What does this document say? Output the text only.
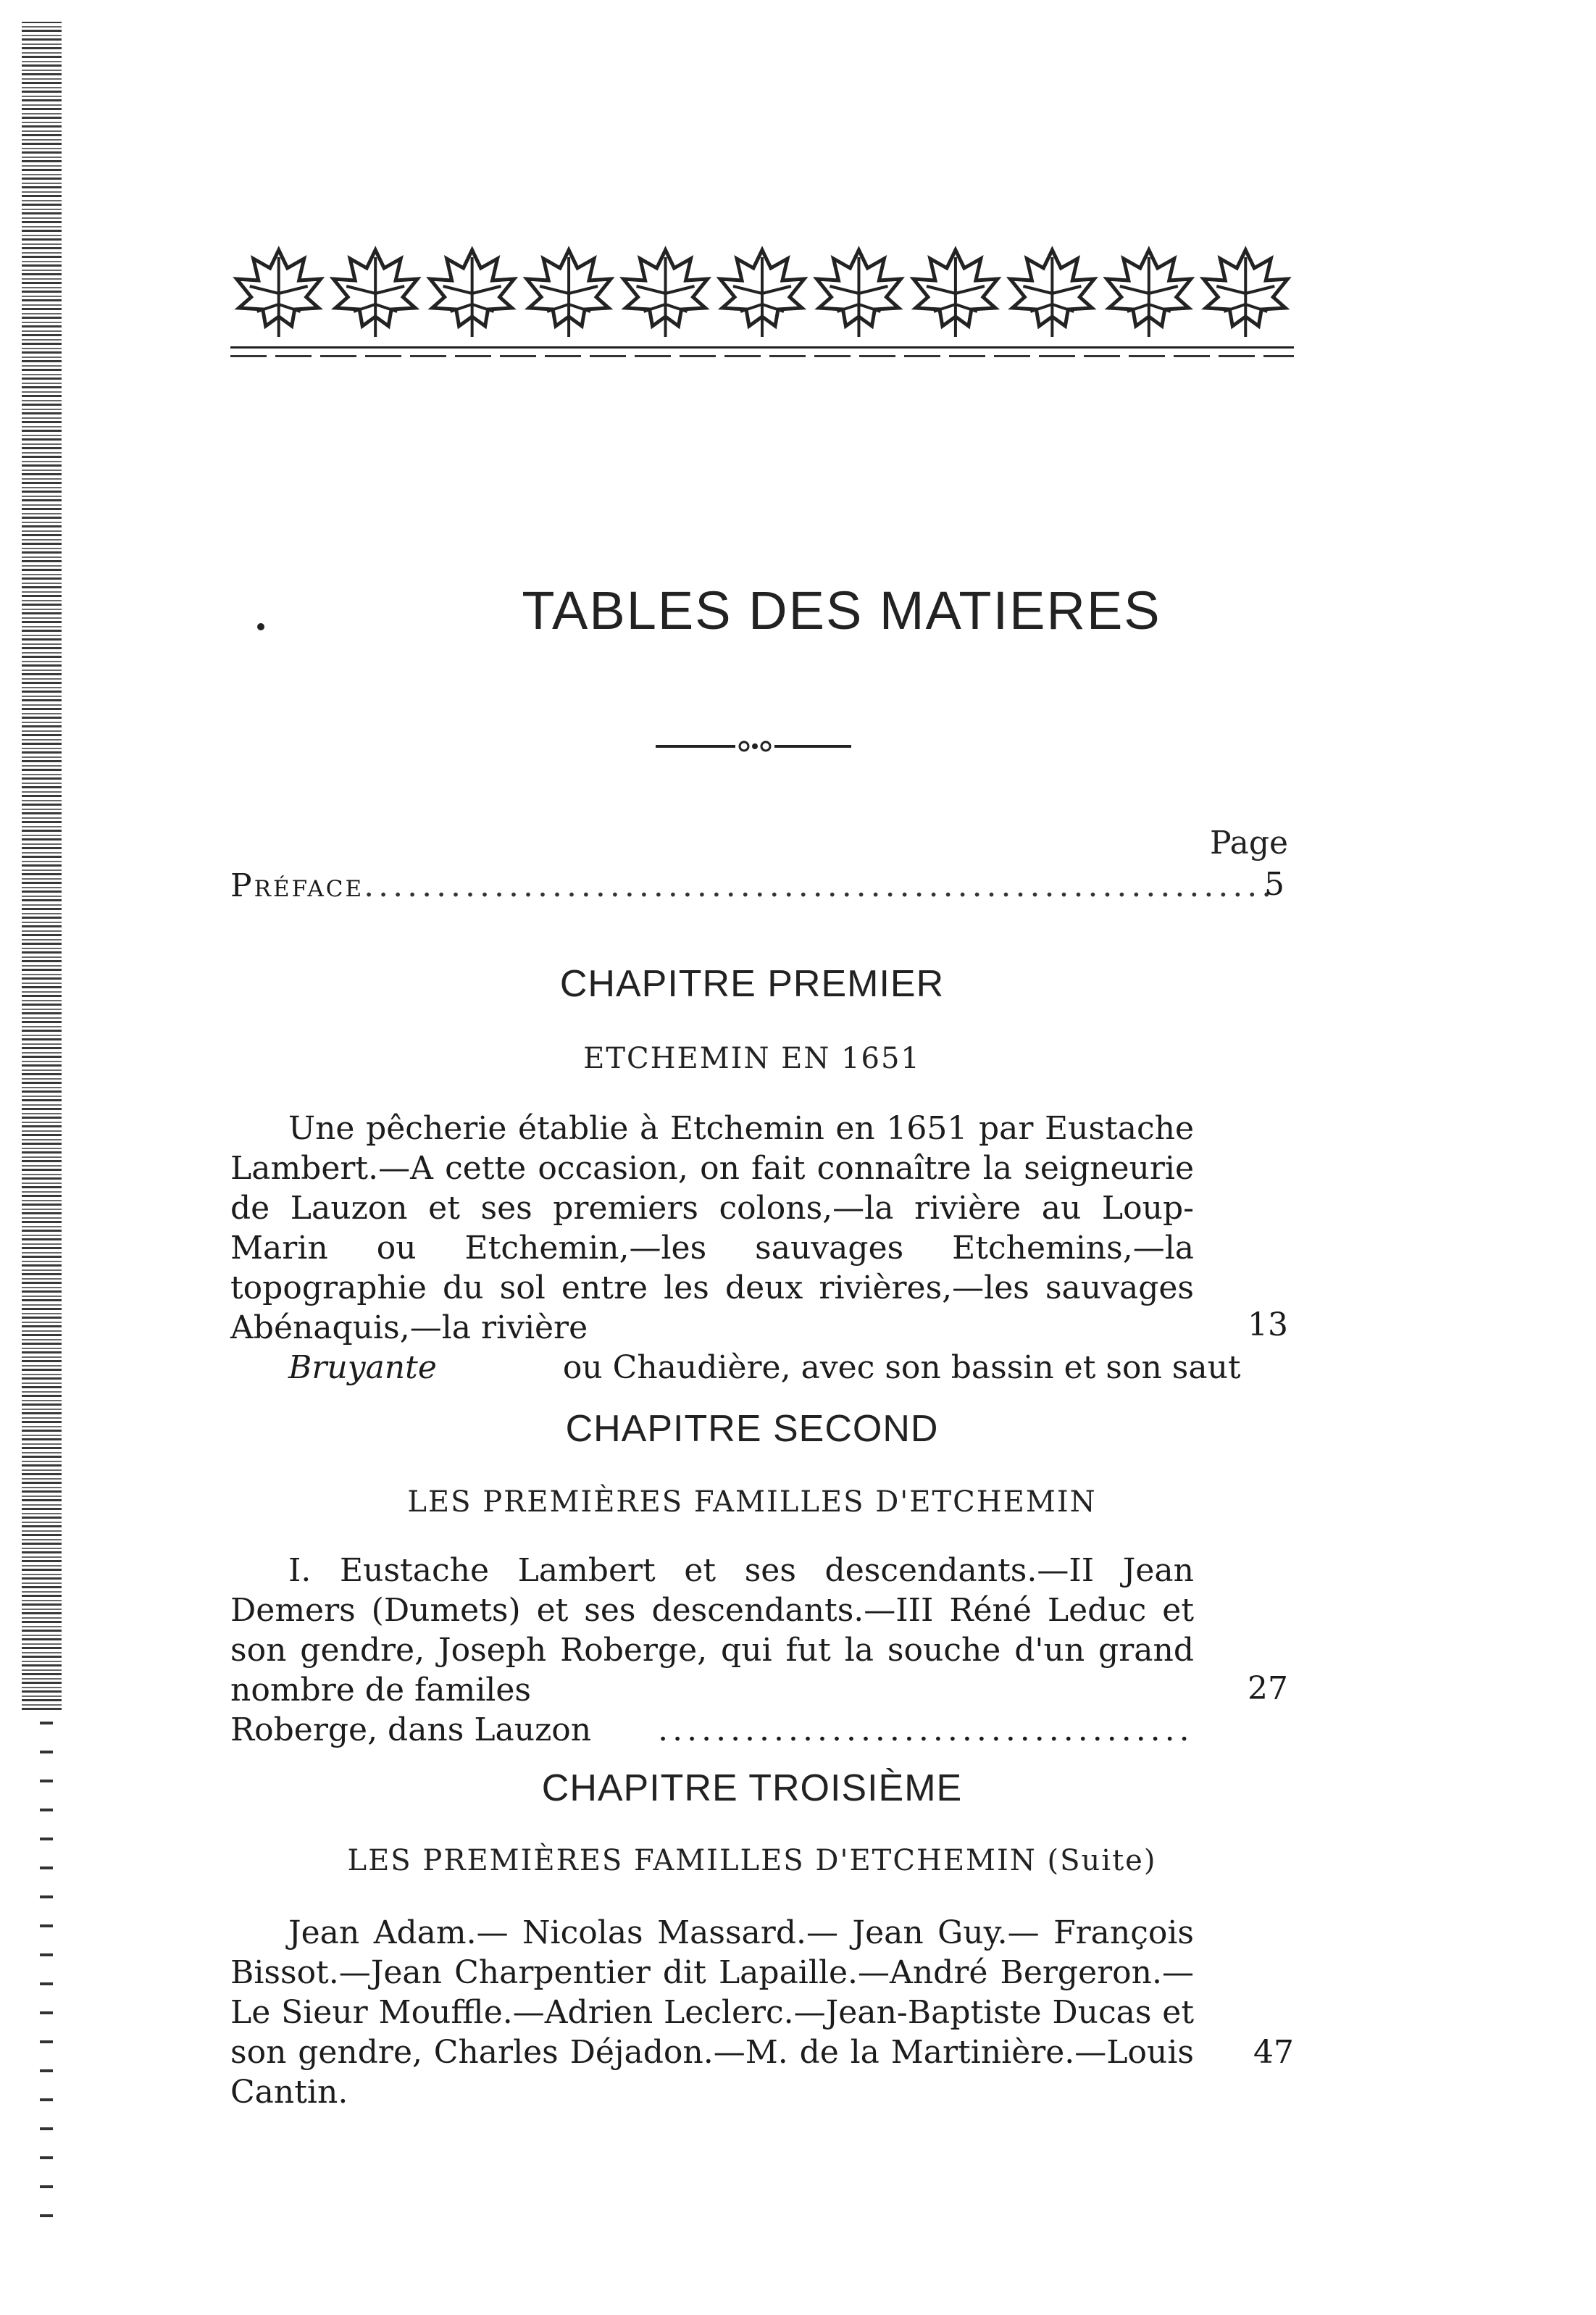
TABLES DES MATIERES
Page
Préface
.....	5
CHAPITRE PREMIER
ETCHEMIN EN 1651
Une pêcherie établie à Etchemin en 1651 par Eustache Lambert.—A cette occasion, on fait connaître la seigneurie de Lauzon et ses premiers colons,—la rivière au Loup-Marin ou Etchemin,—les sauvages Etchemins,—la topographie du sol entre les deux rivières,—les sauvages Abénaquis,—la rivière
Bruyante
	ou Chaudière, avec son bassin et son saut
13
CHAPITRE SECOND
LES PREMIÈRES FAMILLES D'ETCHEMIN
I. Eustache Lambert et ses descendants.—II Jean Demers (Dumets) et ses descendants.—III Réné Leduc et son gendre, Joseph Roberge, qui fut la souche d'un grand nombre de familes
Roberge, dans Lauzon
.....
27
CHAPITRE TROISIÈME
LES PREMIÈRES FAMILLES D'ETCHEMIN (Suite)
Jean Adam.— Nicolas Massard.— Jean Guy.— François Bissot.—Jean Charpentier dit Lapaille.—André Bergeron.—Le Sieur Mouffle.—Adrien Leclerc.—Jean-Baptiste Ducas et son gendre, Charles Déjadon.—M. de la Martinière.—Louis Cantin.
47
